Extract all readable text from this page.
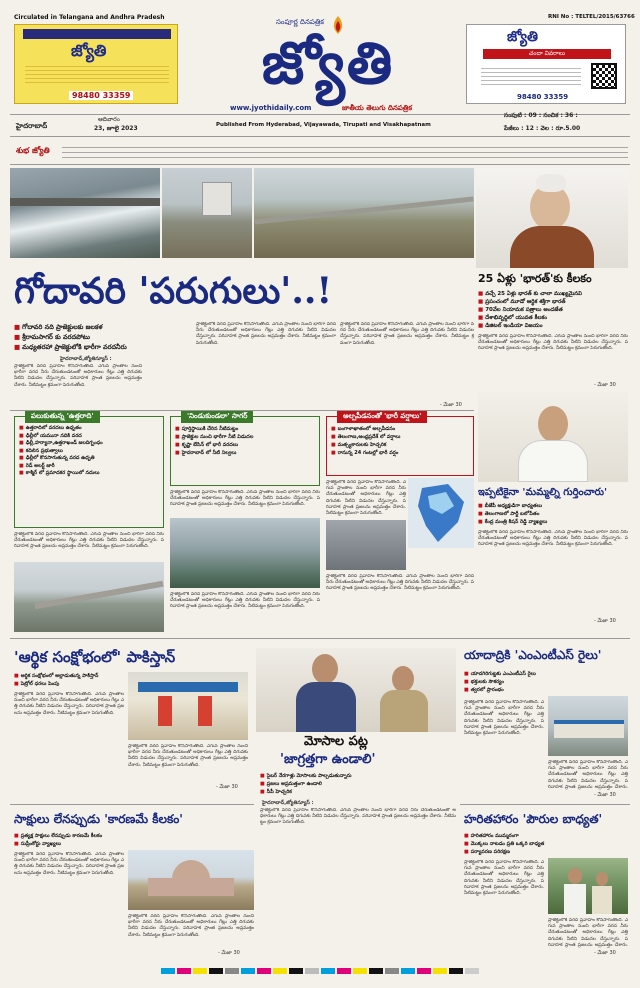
Circulated in Telangana and Andhra Pradesh	RNI No : TELTEL/2015/63766
జ్యోతి
98480 33359
సంపూర్ణ దినపత్రిక
జ్యోతి
www.jyothidaily.com	జాతీయ తెలుగు దినపత్రిక
జ్యోతి
చందా వివరాలు
98480 33359
హైదరాబాద్
ఆదివారం
23, జూలై 2023	Published From Hyderabad, Vijayawada, Tirupati and Visakhapatnam
సంపుటి : 09 : సంచిక : 36 :
పేజీలు : 12 : వెల : రూ.5.00
శుభ జ్యోతి
గోదావరి 'పరుగులు'..!	25 ఏళ్లు 'భారత్'కు కీలకం
■ వచ్చే 25 ఏళ్లు భారత్ కు చాలా ముఖ్యమైనవి
■ ప్రపంచంలో మూడో ఆర్థిక శక్తిగా భారత్
■ 70వేల నియామక పత్రాలు అందజేత
■ దేశాభివృద్ధిలో యువత కీలకం
■ డిజిటల్ ఇండియా విజయం
ప్రాజెక్టులోకి వరద ప్రవాహం కొనసాగుతోంది. ఎగువ ప్రాంతాల నుంచి భారీగా వరద నీరు చేరుతుండటంతో అధికారులు గేట్లు ఎత్తి దిగువకు నీటిని విడుదల చేస్తున్నారు. పరివాహక ప్రాంత ప్రజలను అప్రమత్తం చేశారు. నీటిమట్టం క్రమంగా పెరుగుతోంది.
- మేజా 30
■ గోదావరి నది ప్రాజెక్టులకు జలకళ
■ శ్రీరామసాగర్ కు వరదపోటు
■ మధ్యతరహా ప్రాజెక్టులోకి భారీగా వరదనీరు
హైదరాబాద్,జ్యోతిన్యూస్ :
ప్రాజెక్టులోకి వరద ప్రవాహం కొనసాగుతోంది. ఎగువ ప్రాంతాల నుంచి భారీగా వరద నీరు చేరుతుండటంతో అధికారులు గేట్లు ఎత్తి దిగువకు నీటిని విడుదల చేస్తున్నారు. పరివాహక ప్రాంత ప్రజలను అప్రమత్తం చేశారు. నీటిమట్టం క్రమంగా పెరుగుతోంది.
ప్రాజెక్టులోకి వరద ప్రవాహం కొనసాగుతోంది. ఎగువ ప్రాంతాల నుంచి భారీగా వరద నీరు చేరుతుండటంతో అధికారులు గేట్లు ఎత్తి దిగువకు నీటిని విడుదల చేస్తున్నారు. పరివాహక ప్రాంత ప్రజలను అప్రమత్తం చేశారు. నీటిమట్టం క్రమంగా పెరుగుతోంది.
ప్రాజెక్టులోకి వరద ప్రవాహం కొనసాగుతోంది. ఎగువ ప్రాంతాల నుంచి భారీగా వరద నీరు చేరుతుండటంతో అధికారులు గేట్లు ఎత్తి దిగువకు నీటిని విడుదల చేస్తున్నారు. పరివాహక ప్రాంత ప్రజలను అప్రమత్తం చేశారు. నీటిమట్టం క్రమంగా పెరుగుతోంది.
- మేజా 30
పలుకుతున్న 'ఉత్తరాది'
■ ఉత్తరాదిలో వరదలు ఉధృతం
■ ఢిల్లీలో యమునా నదికి వరద
■ ఢిల్లీ,హర్యానా,ఉత్తరాఖండ్ జలదిగ్బంధం
■ కదిలిన ప్రభుత్వాలు
■ ఢిల్లీలో కొనసాగుతున్న వరద ఉధృతి
■ రెడ్ అలర్ట్ జారీ
■ కాశ్మీర్ లో ప్రమాదకర స్థాయిలో నదులు
ప్రాజెక్టులోకి వరద ప్రవాహం కొనసాగుతోంది. ఎగువ ప్రాంతాల నుంచి భారీగా వరద నీరు చేరుతుండటంతో అధికారులు గేట్లు ఎత్తి దిగువకు నీటిని విడుదల చేస్తున్నారు. పరివాహక ప్రాంత ప్రజలను అప్రమత్తం చేశారు. నీటిమట్టం క్రమంగా పెరుగుతోంది.
'నిండుకుండలా' సాగర్
■ పూర్తిస్థాయికి చేరిన నీటిమట్టం
■ ప్రాజెక్టుల నుంచి భారీగా నీటి విడుదల
■ కృష్ణా బేసిన్ లో భారీ వరదలు
■ హైదరాబాద్ లో నీటి నిల్వలు
ప్రాజెక్టులోకి వరద ప్రవాహం కొనసాగుతోంది. ఎగువ ప్రాంతాల నుంచి భారీగా వరద నీరు చేరుతుండటంతో అధికారులు గేట్లు ఎత్తి దిగువకు నీటిని విడుదల చేస్తున్నారు. పరివాహక ప్రాంత ప్రజలను అప్రమత్తం చేశారు. నీటిమట్టం క్రమంగా పెరుగుతోంది.
ప్రాజెక్టులోకి వరద ప్రవాహం కొనసాగుతోంది. ఎగువ ప్రాంతాల నుంచి భారీగా వరద నీరు చేరుతుండటంతో అధికారులు గేట్లు ఎత్తి దిగువకు నీటిని విడుదల చేస్తున్నారు. పరివాహక ప్రాంత ప్రజలను అప్రమత్తం చేశారు. నీటిమట్టం క్రమంగా పెరుగుతోంది.
అల్పపీడనంతో 'భారీ వర్షాలు'
■ బంగాళాఖాతంలో అల్పపీడనం
■ తెలంగాణ,ఆంధ్రప్రదేశ్ లో వర్షాలు
■ మత్స్యకారులకు హెచ్చరిక
■ రానున్న 24 గంటల్లో భారీ వర్షం
ప్రాజెక్టులోకి వరద ప్రవాహం కొనసాగుతోంది. ఎగువ ప్రాంతాల నుంచి భారీగా వరద నీరు చేరుతుండటంతో అధికారులు గేట్లు ఎత్తి దిగువకు నీటిని విడుదల చేస్తున్నారు. పరివాహక ప్రాంత ప్రజలను అప్రమత్తం చేశారు. నీటిమట్టం క్రమంగా పెరుగుతోంది.
ప్రాజెక్టులోకి వరద ప్రవాహం కొనసాగుతోంది. ఎగువ ప్రాంతాల నుంచి భారీగా వరద నీరు చేరుతుండటంతో అధికారులు గేట్లు ఎత్తి దిగువకు నీటిని విడుదల చేస్తున్నారు. పరివాహక ప్రాంత ప్రజలను అప్రమత్తం చేశారు. నీటిమట్టం క్రమంగా పెరుగుతోంది.
ఇప్పటికైనా 'మమ్మల్ని గుర్తించారు'
■ బీజేపీ అధ్యక్షుడిగా బాధ్యతలు
■ తెలంగాణలో పార్టీ బలోపేతం
■ కేంద్ర మంత్రి కిషన్ రెడ్డి వ్యాఖ్యలు
ప్రాజెక్టులోకి వరద ప్రవాహం కొనసాగుతోంది. ఎగువ ప్రాంతాల నుంచి భారీగా వరద నీరు చేరుతుండటంతో అధికారులు గేట్లు ఎత్తి దిగువకు నీటిని విడుదల చేస్తున్నారు. పరివాహక ప్రాంత ప్రజలను అప్రమత్తం చేశారు. నీటిమట్టం క్రమంగా పెరుగుతోంది.
- మేజా 30
'ఆర్థిక సంక్షోభంలో' పాకిస్తాన్
■ ఆర్థిక సంక్షోభంలో అల్లాడుతున్న పాకిస్తాన్
■ పెట్రోల్ ధరలు పెంపు
ప్రాజెక్టులోకి వరద ప్రవాహం కొనసాగుతోంది. ఎగువ ప్రాంతాల నుంచి భారీగా వరద నీరు చేరుతుండటంతో అధికారులు గేట్లు ఎత్తి దిగువకు నీటిని విడుదల చేస్తున్నారు. పరివాహక ప్రాంత ప్రజలను అప్రమత్తం చేశారు. నీటిమట్టం క్రమంగా పెరుగుతోంది.
ప్రాజెక్టులోకి వరద ప్రవాహం కొనసాగుతోంది. ఎగువ ప్రాంతాల నుంచి భారీగా వరద నీరు చేరుతుండటంతో అధికారులు గేట్లు ఎత్తి దిగువకు నీటిని విడుదల చేస్తున్నారు. పరివాహక ప్రాంత ప్రజలను అప్రమత్తం చేశారు. నీటిమట్టం క్రమంగా పెరుగుతోంది.
- మేజా 30
మోసాల పట్ల
'జాగ్రత్తగా ఉండాలి'
■ సైబర్ నేరగాళ్లు మోసాలకు పాల్పడుతున్నారు
■ ప్రజలు అప్రమత్తంగా ఉండాలి
■ సీపీ హెచ్చరిక
హైదరాబాద్,జ్యోతిన్యూస్ :
ప్రాజెక్టులోకి వరద ప్రవాహం కొనసాగుతోంది. ఎగువ ప్రాంతాల నుంచి భారీగా వరద నీరు చేరుతుండటంతో అధికారులు గేట్లు ఎత్తి దిగువకు నీటిని విడుదల చేస్తున్నారు. పరివాహక ప్రాంత ప్రజలను అప్రమత్తం చేశారు. నీటిమట్టం క్రమంగా పెరుగుతోంది.
యాదాద్రికి 'ఎంఎంటీఎస్ రైలు'
■ యాదగిరిగుట్టకు ఎంఎంటీఎస్ రైలు
■ భక్తులకు సౌకర్యం
■ త్వరలో ప్రారంభం
ప్రాజెక్టులోకి వరద ప్రవాహం కొనసాగుతోంది. ఎగువ ప్రాంతాల నుంచి భారీగా వరద నీరు చేరుతుండటంతో అధికారులు గేట్లు ఎత్తి దిగువకు నీటిని విడుదల చేస్తున్నారు. పరివాహక ప్రాంత ప్రజలను అప్రమత్తం చేశారు. నీటిమట్టం క్రమంగా పెరుగుతోంది.
ప్రాజెక్టులోకి వరద ప్రవాహం కొనసాగుతోంది. ఎగువ ప్రాంతాల నుంచి భారీగా వరద నీరు చేరుతుండటంతో అధికారులు గేట్లు ఎత్తి దిగువకు నీటిని విడుదల చేస్తున్నారు. పరివాహక ప్రాంత ప్రజలను అప్రమత్తం చేశారు.
- మేజా 30
సాక్షులు లేనప్పుడు 'కారణమే కీలకం'
■ ప్రత్యక్ష సాక్షులు లేనప్పుడు కారణమే కీలకం
■ సుప్రీంకోర్టు వ్యాఖ్యలు
ప్రాజెక్టులోకి వరద ప్రవాహం కొనసాగుతోంది. ఎగువ ప్రాంతాల నుంచి భారీగా వరద నీరు చేరుతుండటంతో అధికారులు గేట్లు ఎత్తి దిగువకు నీటిని విడుదల చేస్తున్నారు. పరివాహక ప్రాంత ప్రజలను అప్రమత్తం చేశారు. నీటిమట్టం క్రమంగా పెరుగుతోంది.
ప్రాజెక్టులోకి వరద ప్రవాహం కొనసాగుతోంది. ఎగువ ప్రాంతాల నుంచి భారీగా వరద నీరు చేరుతుండటంతో అధికారులు గేట్లు ఎత్తి దిగువకు నీటిని విడుదల చేస్తున్నారు. పరివాహక ప్రాంత ప్రజలను అప్రమత్తం చేశారు. నీటిమట్టం క్రమంగా పెరుగుతోంది.
- మేజా 30
హరితహారం 'పౌరుల బాధ్యత'
■ హరితహారం ముమ్మరంగా
■ మొక్కలు నాటడం ప్రతి ఒక్కరి బాధ్యత
■ పర్యావరణ పరిరక్షణ
ప్రాజెక్టులోకి వరద ప్రవాహం కొనసాగుతోంది. ఎగువ ప్రాంతాల నుంచి భారీగా వరద నీరు చేరుతుండటంతో అధికారులు గేట్లు ఎత్తి దిగువకు నీటిని విడుదల చేస్తున్నారు. పరివాహక ప్రాంత ప్రజలను అప్రమత్తం చేశారు. నీటిమట్టం క్రమంగా పెరుగుతోంది.
ప్రాజెక్టులోకి వరద ప్రవాహం కొనసాగుతోంది. ఎగువ ప్రాంతాల నుంచి భారీగా వరద నీరు చేరుతుండటంతో అధికారులు గేట్లు ఎత్తి దిగువకు నీటిని విడుదల చేస్తున్నారు. పరివాహక ప్రాంత ప్రజలను అప్రమత్తం చేశారు.
- మేజా 30
